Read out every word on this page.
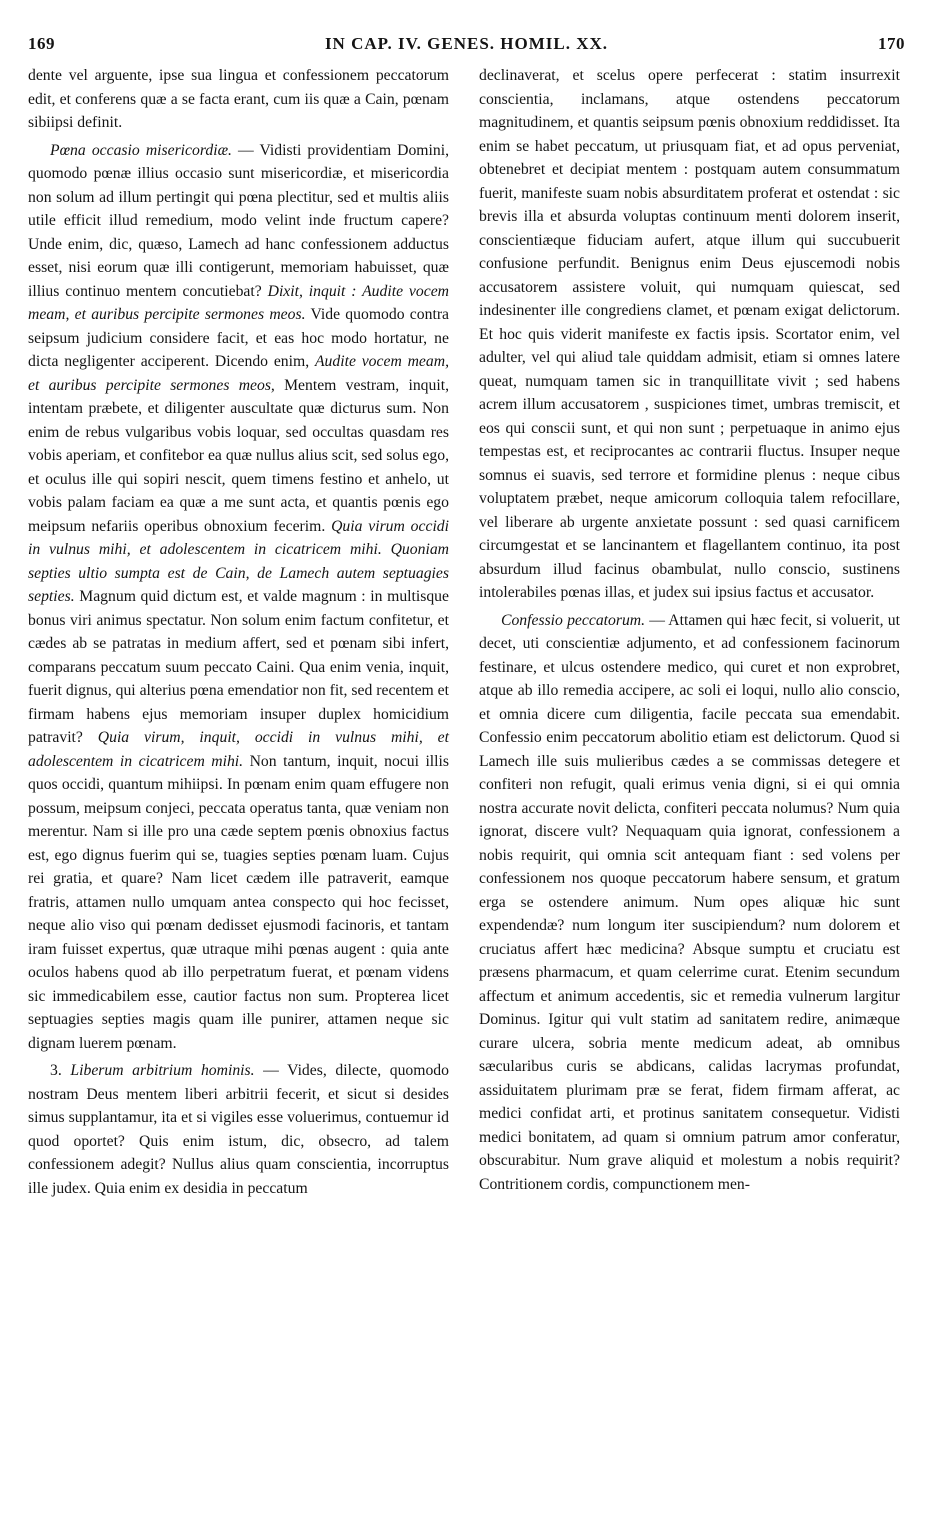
169	IN CAP. IV. GENES. HOMIL. XX.	170

dente vel arguente, ipse sua lingua et confessionem peccatorum edit, et conferens quæ a se facta erant, cum iis quæ a Cain, pœnam sibiipsi definit.

Pœna occasio misericordiæ. — Vidisti providentiam Domini, quomodo pœnæ illius occasio sunt misericordiæ, et misericordia non solum ad illum pertingit qui pœna plectitur, sed et multis aliis utile efficit illud remedium, modo velint inde fructum capere? Unde enim, dic, quæso, Lamech ad hanc confessionem adductus esset, nisi eorum quæ illi contigerunt, memoriam habuisset, quæ illius continuo mentem concutiebat? Dixit, inquit : Audite vocem meam, et auribus percipite sermones meos. Vide quomodo contra seipsum judicium considere facit, et eas hoc modo hortatur, ne dicta negligenter acciperent. Dicendo enim, Audite vocem meam, et auribus percipite sermones meos, Mentem vestram, inquit, intentam præbete, et diligenter auscultate quæ dicturus sum. Non enim de rebus vulgaribus vobis loquar, sed occultas quasdam res vobis aperiam, et confitebor ea quæ nullus alius scit, sed solus ego, et oculus ille qui sopiri nescit, quem timens festino et anhelo, ut vobis palam faciam ea quæ a me sunt acta, et quantis pœnis ego meipsum nefariis operibus obnoxium fecerim. Quia virum occidi in vulnus mihi, et adolescentem in cicatricem mihi. Quoniam septies ultio sumpta est de Cain, de Lamech autem septuagies septies. Magnum quid dictum est, et valde magnum : in multisque bonus viri animus spectatur. Non solum enim factum confitetur, et cædes ab se patratas in medium affert, sed et pœnam sibi infert, comparans peccatum suum peccato Caini. Qua enim venia, inquit, fuerit dignus, qui alterius pœna emendatior non fit, sed recentem et firmam habens ejus memoriam insuper duplex homicidium patravit? Quia virum, inquit, occidi in vulnus mihi, et adolescentem in cicatricem mihi. Non tantum, inquit, nocui illis quos occidi, quantum mihiipsi. In pœnam enim quam effugere non possum, meipsum conjeci, peccata operatus tanta, quæ veniam non merentur. Nam si ille pro una cæde septem pœnis obnoxius factus est, ego dignus fuerim qui se, tuagies septies pœnam luam. Cujus rei gratia, et quare? Nam licet cædem ille patraverit, eamque fratris, attamen nullo umquam antea conspecto qui hoc fecisset, neque alio viso qui pœnam dedisset ejusmodi facinoris, et tantam iram fuisset expertus, quæ utraque mihi pœnas augent : quia ante oculos habens quod ab illo perpetratum fuerat, et pœnam videns sic immedicabilem esse, cautior factus non sum. Propterea licet septuagies septies magis quam ille punirer, attamen neque sic dignam luerem pœnam.

3. Liberum arbitrium hominis. — Vides, dilecte, quomodo nostram Deus mentem liberi arbitrii fecerit, et sicut si desides simus supplantamur, ita et si vigiles esse voluerimus, contuemur id quod oportet? Quis enim istum, dic, obsecro, ad talem confessionem adegit? Nullus alius quam conscientia, incorruptus ille judex. Quia enim ex desidia in peccatum

declinaverat, et scelus opere perfecerat : statim insurrexit conscientia, inclamans, atque ostendens peccatorum magnitudinem, et quantis seipsum pœnis obnoxium reddidisset. Ita enim se habet peccatum, ut priusquam fiat, et ad opus perveniat, obtenebret et decipiat mentem : postquam autem consummatum fuerit, manifeste suam nobis absurditatem proferat et ostendat : sic brevis illa et absurda voluptas continuum menti dolorem inserit, conscientiæque fiduciam aufert, atque illum qui succubuerit confusione perfundit. Benignus enim Deus ejuscemodi nobis accusatorem assistere voluit, qui numquam quiescat, sed indesinenter ille congrediens clamet, et pœnam exigat delictorum. Et hoc quis viderit manifeste ex factis ipsis. Scortator enim, vel adulter, vel qui aliud tale quiddam admisit, etiam si omnes latere queat, numquam tamen sic in tranquillitate vivit ; sed habens acrem illum accusatorem , suspiciones timet, umbras tremiscit, et eos qui conscii sunt, et qui non sunt ; perpetuaque in animo ejus tempestas est, et reciprocantes ac contrarii fluctus. Insuper neque somnus ei suavis, sed terrore et formidine plenus : neque cibus voluptatem præbet, neque amicorum colloquia talem refocillare, vel liberare ab urgente anxietate possunt : sed quasi carnificem circumgestat et se lancinantem et flagellantem continuo, ita post absurdum illud facinus obambulat, nullo conscio, sustinens intolerabiles pœnas illas, et judex sui ipsius factus et accusator.

Confessio peccatorum. — Attamen qui hæc fecit, si voluerit, ut decet, uti conscientiæ adjumento, et ad confessionem facinorum festinare, et ulcus ostendere medico, qui curet et non exprobret, atque ab illo remedia accipere, ac soli ei loqui, nullo alio conscio, et omnia dicere cum diligentia, facile peccata sua emendabit. Confessio enim peccatorum abolitio etiam est delictorum. Quod si Lamech ille suis mulieribus cædes a se commissas detegere et confiteri non refugit, quali erimus venia digni, si ei qui omnia nostra accurate novit delicta, confiteri peccata nolumus? Num quia ignorat, discere vult? Nequaquam quia ignorat, confessionem a nobis requirit, qui omnia scit antequam fiant : sed volens per confessionem nos quoque peccatorum habere sensum, et gratum erga se ostendere animum. Num opes aliquæ hic sunt expendendæ? num longum iter suscipiendum? num dolorem et cruciatus affert hæc medicina? Absque sumptu et cruciatu est præsens pharmacum, et quam celerrime curat. Etenim secundum affectum et animum accedentis, sic et remedia vulnerum largitur Dominus. Igitur qui vult statim ad sanitatem redire, animæque curare ulcera, sobria mente medicum adeat, ab omnibus sæcularibus curis se abdicans, calidas lacrymas profundat, assiduitatem plurimam præ se ferat, fidem firmam afferat, ac medici confidat arti, et protinus sanitatem consequetur. Vidisti medici bonitatem, ad quam si omnium patrum amor conferatur, obscurabitur. Num grave aliquid et molestum a nobis requirit? Contritionem cordis, compunctionem men-
